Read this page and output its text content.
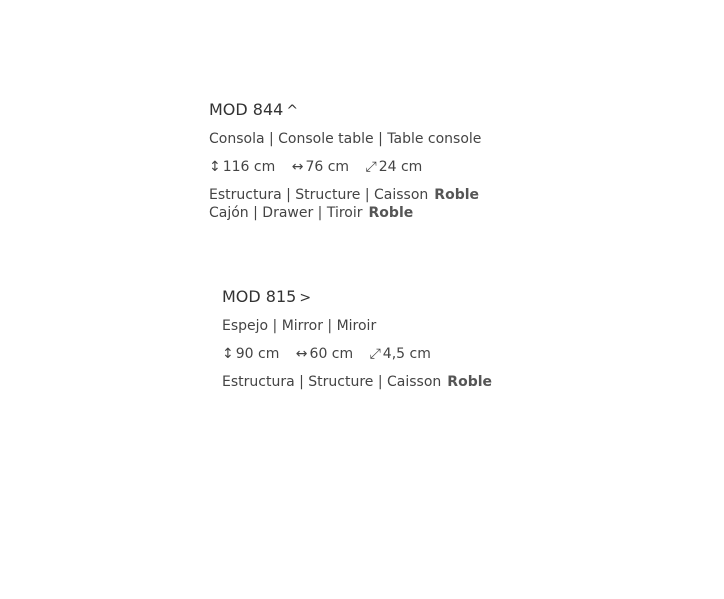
MOD 844 ^
Consola | Console table | Table console
↕ 116 cm ↔ 76 cm ⤢ 24 cm
Estructura | Structure | Caisson Roble
Cajón | Drawer | Tiroir Roble
MOD 815 >
Espejo | Mirror | Miroir
↕ 90 cm ↔ 60 cm ⤢ 4,5 cm
Estructura | Structure | Caisson Roble
